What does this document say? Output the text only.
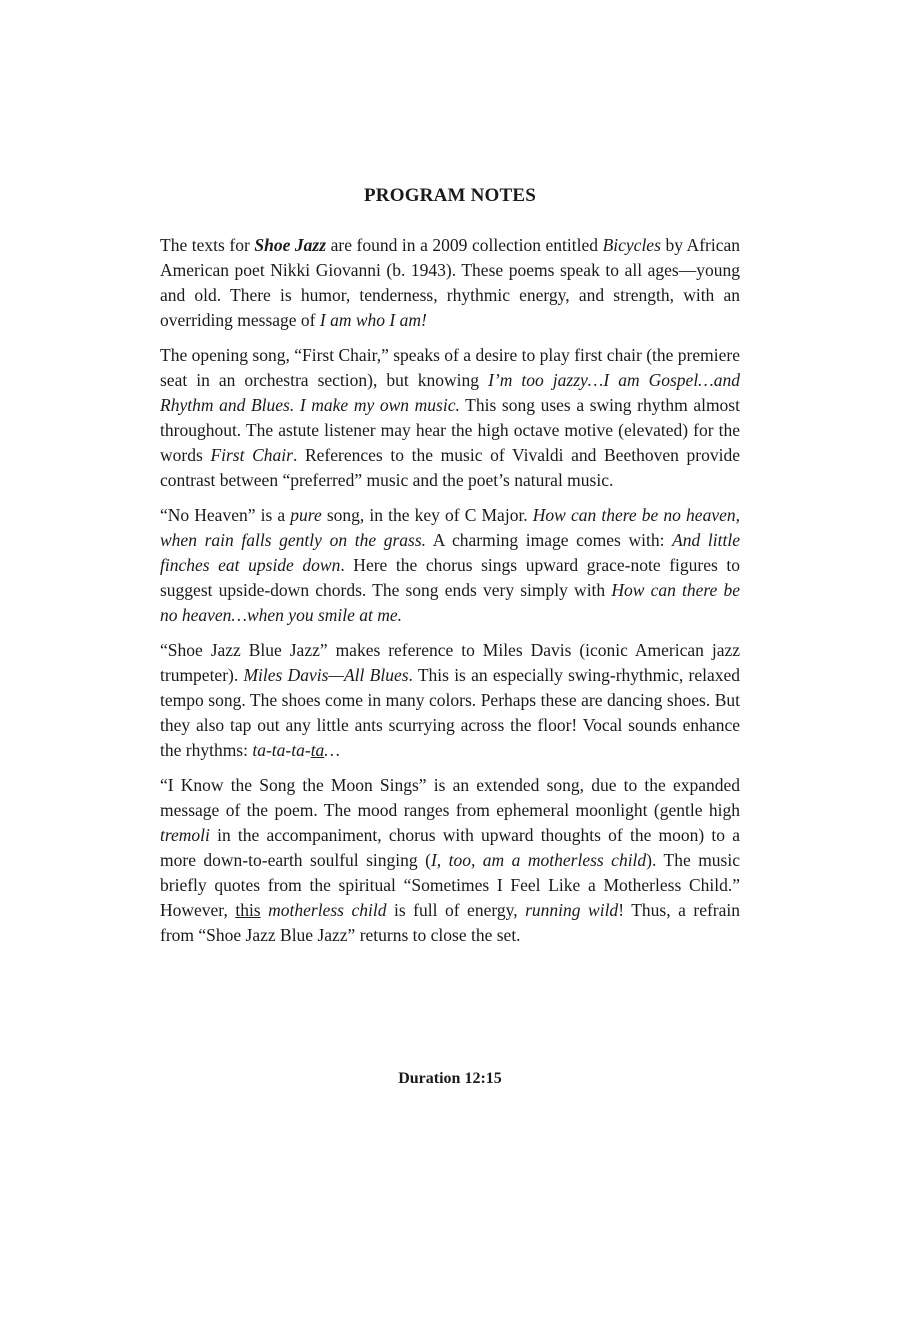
PROGRAM NOTES

The texts for Shoe Jazz are found in a 2009 collection entitled Bicycles by African American poet Nikki Giovanni (b. 1943). These poems speak to all ages—young and old. There is humor, tenderness, rhythmic energy, and strength, with an overriding message of I am who I am!

The opening song, “First Chair,” speaks of a desire to play first chair (the premiere seat in an orchestra section), but knowing I’m too jazzy…I am Gospel…and Rhythm and Blues. I make my own music. This song uses a swing rhythm almost throughout. The astute listener may hear the high octave motive (elevated) for the words First Chair. References to the music of Vivaldi and Beethoven provide contrast between “preferred” music and the poet’s natural music.

“No Heaven” is a pure song, in the key of C Major. How can there be no heaven, when rain falls gently on the grass. A charming image comes with: And little finches eat upside down. Here the chorus sings upward grace-note figures to suggest upside-down chords. The song ends very simply with How can there be no heaven…when you smile at me.

“Shoe Jazz Blue Jazz” makes reference to Miles Davis (iconic American jazz trumpeter). Miles Davis—All Blues. This is an especially swing-rhythmic, relaxed tempo song. The shoes come in many colors. Perhaps these are dancing shoes. But they also tap out any little ants scurrying across the floor! Vocal sounds enhance the rhythms: ta-ta-ta-ta…

“I Know the Song the Moon Sings” is an extended song, due to the expanded message of the poem. The mood ranges from ephemeral moonlight (gentle high tremoli in the accompaniment, chorus with upward thoughts of the moon) to a more down-to-earth soulful singing (I, too, am a motherless child). The music briefly quotes from the spiritual “Sometimes I Feel Like a Motherless Child.” However, this motherless child is full of energy, running wild! Thus, a refrain from “Shoe Jazz Blue Jazz” returns to close the set.

Duration 12:15
